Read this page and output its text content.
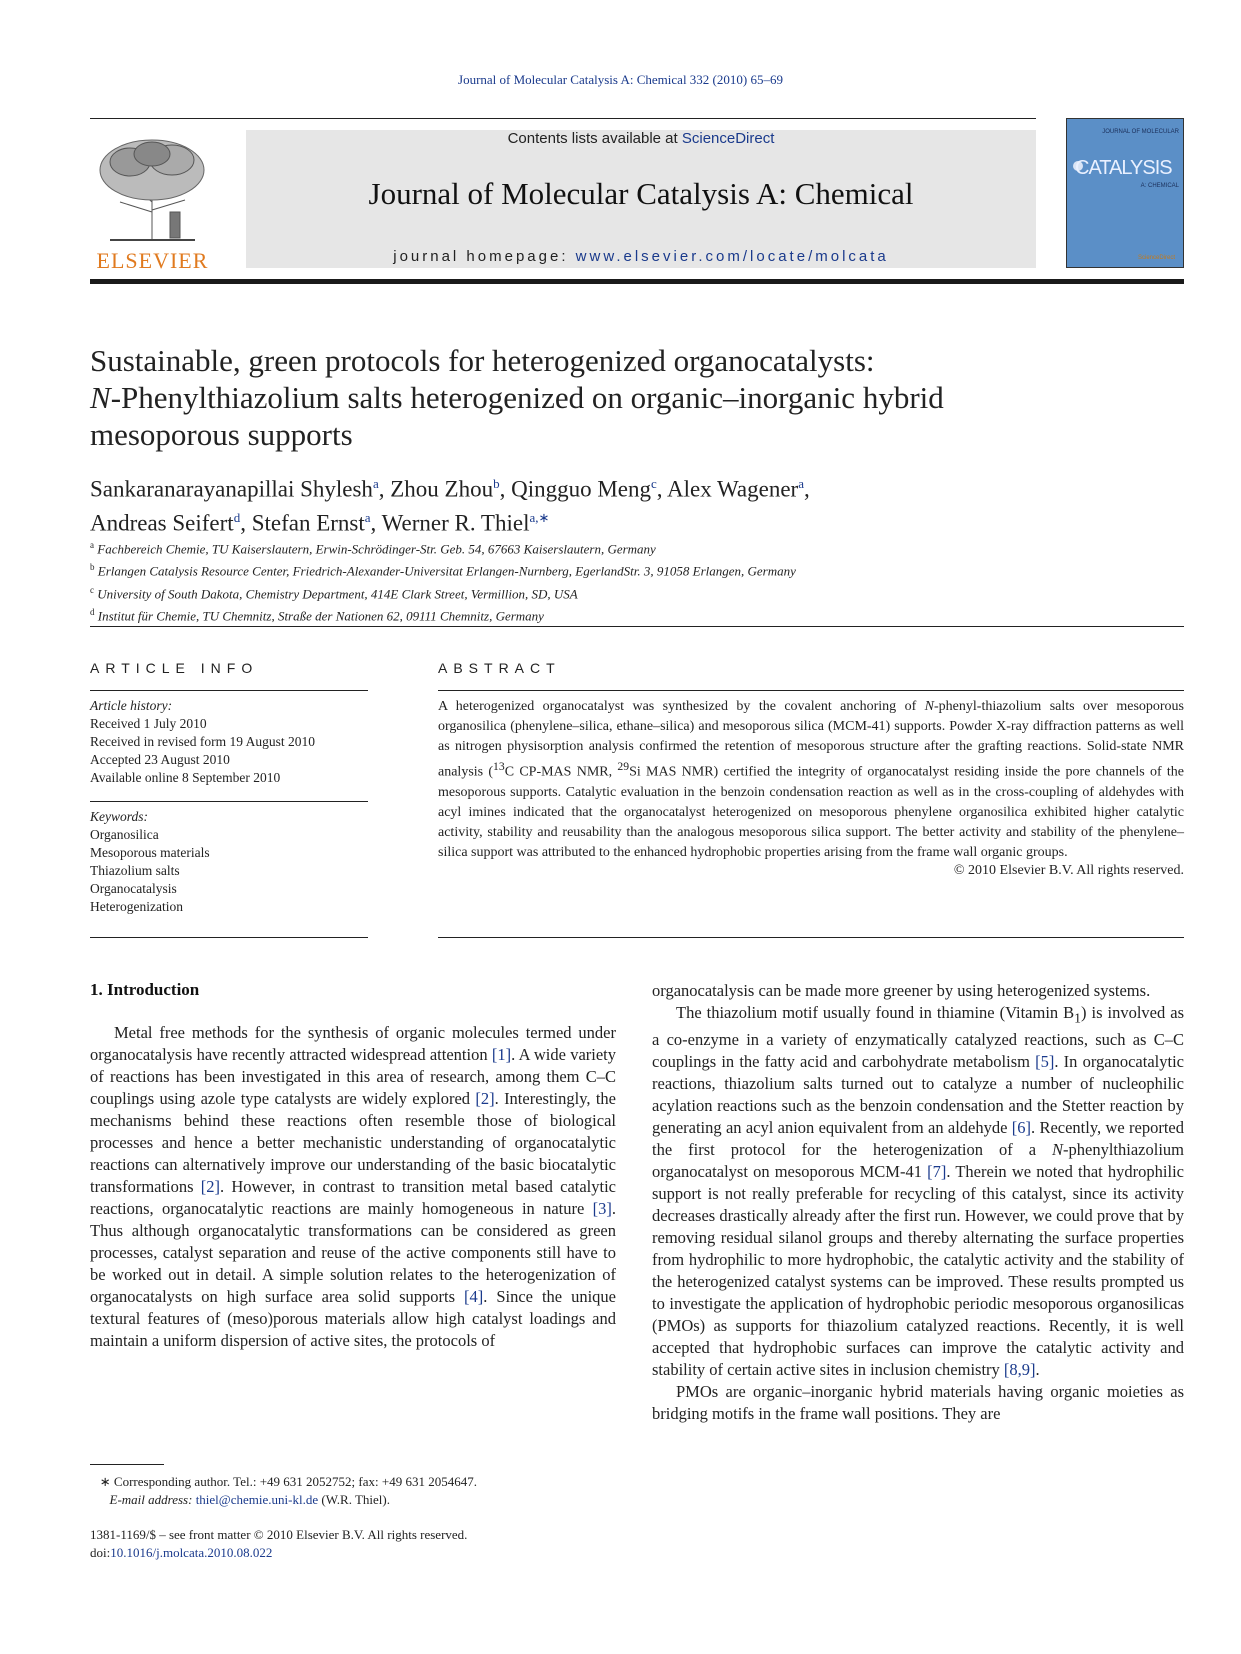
Journal of Molecular Catalysis A: Chemical 332 (2010) 65–69
ELSEVIER
Contents lists available at ScienceDirect
Journal of Molecular Catalysis A: Chemical
journal homepage: www.elsevier.com/locate/molcata
JOURNAL OF MOLECULAR
CATALYSIS
A: CHEMICAL
ScienceDirect
Sustainable, green protocols for heterogenized organocatalysts:
N-Phenylthiazolium salts heterogenized on organic–inorganic hybrid
mesoporous supports
Sankaranarayanapillai Shylesh$^a$, Zhou Zhou$^b$, Qingguo Meng$^c$, Alex Wagener$^a$,
Andreas Seifert$^d$, Stefan Ernst$^a$, Werner R. Thiel$^{a,∗}$
$^a$ Fachbereich Chemie, TU Kaiserslautern, Erwin-Schrödinger-Str. Geb. 54, 67663 Kaiserslautern, Germany
$^b$ Erlangen Catalysis Resource Center, Friedrich-Alexander-Universitat Erlangen-Nurnberg, EgerlandStr. 3, 91058 Erlangen, Germany
$^c$ University of South Dakota, Chemistry Department, 414E Clark Street, Vermillion, SD, USA
$^d$ Institut für Chemie, TU Chemnitz, Straße der Nationen 62, 09111 Chemnitz, Germany
ARTICLE INFO
Article history:
Received 1 July 2010
Received in revised form 19 August 2010
Accepted 23 August 2010
Available online 8 September 2010
Keywords:
Organosilica
Mesoporous materials
Thiazolium salts
Organocatalysis
Heterogenization
ABSTRACT
A heterogenized organocatalyst was synthesized by the covalent anchoring of N-phenyl-thiazolium salts over mesoporous organosilica (phenylene–silica, ethane–silica) and mesoporous silica (MCM-41) supports. Powder X-ray diffraction patterns as well as nitrogen physisorption analysis confirmed the retention of mesoporous structure after the grafting reactions. Solid-state NMR analysis ($^{13}$C CP-MAS NMR, $^{29}$Si MAS NMR) certified the integrity of organocatalyst residing inside the pore channels of the mesoporous supports. Catalytic evaluation in the benzoin condensation reaction as well as in the cross-coupling of aldehydes with acyl imines indicated that the organocatalyst heterogenized on mesoporous phenylene organosilica exhibited higher catalytic activity, stability and reusability than the analogous mesoporous silica support. The better activity and stability of the phenylene–silica support was attributed to the enhanced hydrophobic properties arising from the frame wall organic groups.
© 2010 Elsevier B.V. All rights reserved.
1. Introduction

Metal free methods for the synthesis of organic molecules termed under organocatalysis have recently attracted widespread attention [1]. A wide variety of reactions has been investigated in this area of research, among them C–C couplings using azole type catalysts are widely explored [2]. Interestingly, the mechanisms behind these reactions often resemble those of biological processes and hence a better mechanistic understanding of organocatalytic reactions can alternatively improve our understanding of the basic biocatalytic transformations [2]. However, in contrast to transition metal based catalytic reactions, organocatalytic reactions are mainly homogeneous in nature [3]. Thus although organocatalytic transformations can be considered as green processes, catalyst separation and reuse of the active components still have to be worked out in detail. A simple solution relates to the heterogenization of organocatalysts on high surface area solid supports [4]. Since the unique textural features of (meso)porous materials allow high catalyst loadings and maintain a uniform dispersion of active sites, the protocols of

organocatalysis can be made more greener by using heterogenized systems.

The thiazolium motif usually found in thiamine (Vitamin $B_1$) is involved as a co-enzyme in a variety of enzymatically catalyzed reactions, such as C–C couplings in the fatty acid and carbohydrate metabolism [5]. In organocatalytic reactions, thiazolium salts turned out to catalyze a number of nucleophilic acylation reactions such as the benzoin condensation and the Stetter reaction by generating an acyl anion equivalent from an aldehyde [6]. Recently, we reported the first protocol for the heterogenization of a N-phenylthiazolium organocatalyst on mesoporous MCM-41 [7]. Therein we noted that hydrophilic support is not really preferable for recycling of this catalyst, since its activity decreases drastically already after the first run. However, we could prove that by removing residual silanol groups and thereby alternating the surface properties from hydrophilic to more hydrophobic, the catalytic activity and the stability of the heterogenized catalyst systems can be improved. These results prompted us to investigate the application of hydrophobic periodic mesoporous organosilicas (PMOs) as supports for thiazolium catalyzed reactions. Recently, it is well accepted that hydrophobic surfaces can improve the catalytic activity and stability of certain active sites in inclusion chemistry [8,9].

PMOs are organic–inorganic hybrid materials having organic moieties as bridging motifs in the frame wall positions. They are

∗ Corresponding author. Tel.: +49 631 2052752; fax: +49 631 2054647.
E-mail address: thiel@chemie.uni-kl.de (W.R. Thiel).
1381-1169/$ – see front matter © 2010 Elsevier B.V. All rights reserved.
doi:10.1016/j.molcata.2010.08.022
